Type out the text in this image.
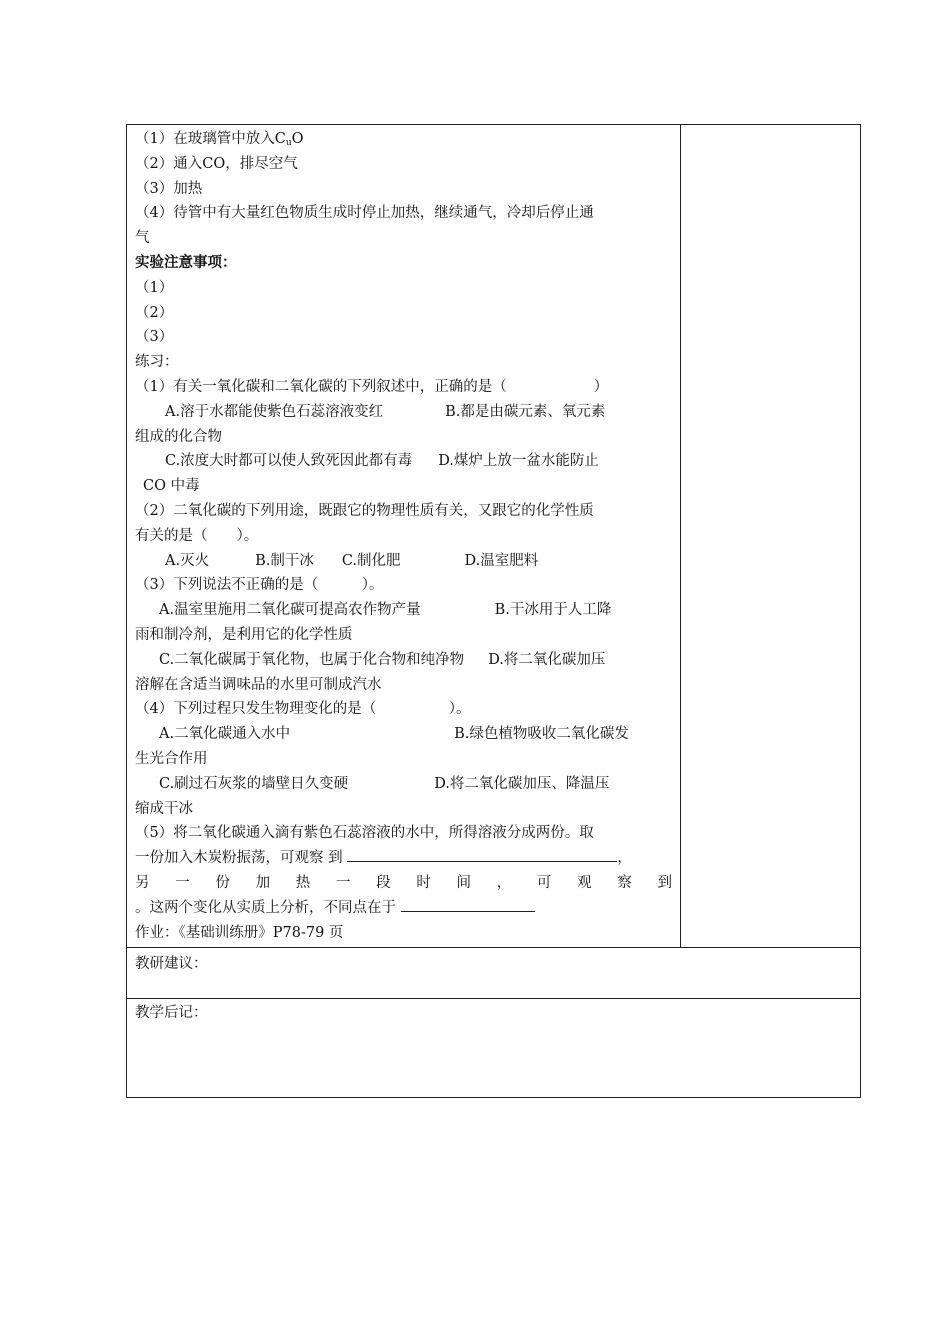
（1）在玻璃管中放入$C_uO$
（2）通入CO，排尽空气
（3）加热
（4）待管中有大量红色物质生成时停止加热，继续通气，冷却后停止通
气
实验注意事项：
（1）
（2）
（3）
练习：
（1）有关一氧化碳和二氧化碳的下列叙述中，正确的是（　　　　　　）
A.溶于水都能使紫色石蕊溶液变红	B.都是由碳元素、氧元素
组成的化合物
C.浓度大时都可以使人致死因此都有毒 D.煤炉上放一盆水能防止
CO 中毒
（2）二氧化碳的下列用途，既跟它的物理性质有关，又跟它的化学性质
有关的是（　　）。
A.灭火	B.制干冰 C.制化肥	D.温室肥料
（3）下列说法不正确的是（　　　）。
A.温室里施用二氧化碳可提高农作物产量	B.干冰用于人工降
雨和制冷剂，是利用它的化学性质
C.二氧化碳属于氧化物，也属于化合物和纯净物 D.将二氧化碳加压
溶解在含适当调味品的水里可制成汽水
（4）下列过程只发生物理变化的是（　　　　　）。
A.二氧化碳通入水中	B.绿色植物吸收二氧化碳发
生光合作用
C.刷过石灰浆的墙壁日久变硬	D.将二氧化碳加压、降温压
缩成干冰
（5）将二氧化碳通入滴有紫色石蕊溶液的水中，所得溶液分成两份。取
一份加入木炭粉振荡，可观察 到	，
另 一 份 加 热 一 段 时 间 ， 可 观 察 到
。这两个变化从实质上分析，不同点在于
作业：《基础训练册》P78-79 页
教研建议：
教学后记：
